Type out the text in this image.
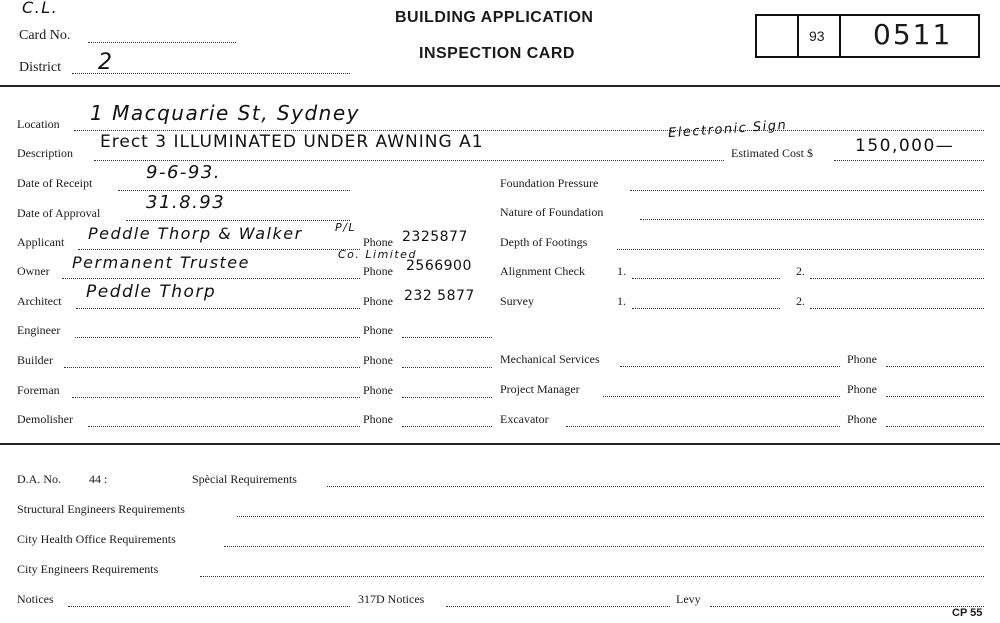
C.L.
Card No.
District 2
BUILDING APPLICATION
INSPECTION CARD
93 0511
Location 1 Macquarie St, Sydney
Description
Erect 3 ILLUMINATED UNDER AWNING A1
Electronic Sign
Estimated Cost $ 150,000—
Date of Receipt	9-6-93.
Date of Approval	31.8.93
Applicant Peddle Thorp & Walker	P/L
Phone 2325877
Owner Permanent Trustee	Co. Limited
Phone 2566900
Architect Peddle Thorp	Phone 232 5877
Engineer	Phone
Builder	Phone
Foreman	Phone
Demolisher	Phone
Foundation Pressure
Nature of Foundation
Depth of Footings
Alignment Check	1.	2.
Survey	1.	2.
Mechanical Services	Phone
Project Manager	Phone
Excavator	Phone
D.A. No. 44 :	Spècial Requirements
Structural Engineers Requirements
City Health Office Requirements
City Engineers Requirements
Notices	317D Notices	Levy
CP 55
